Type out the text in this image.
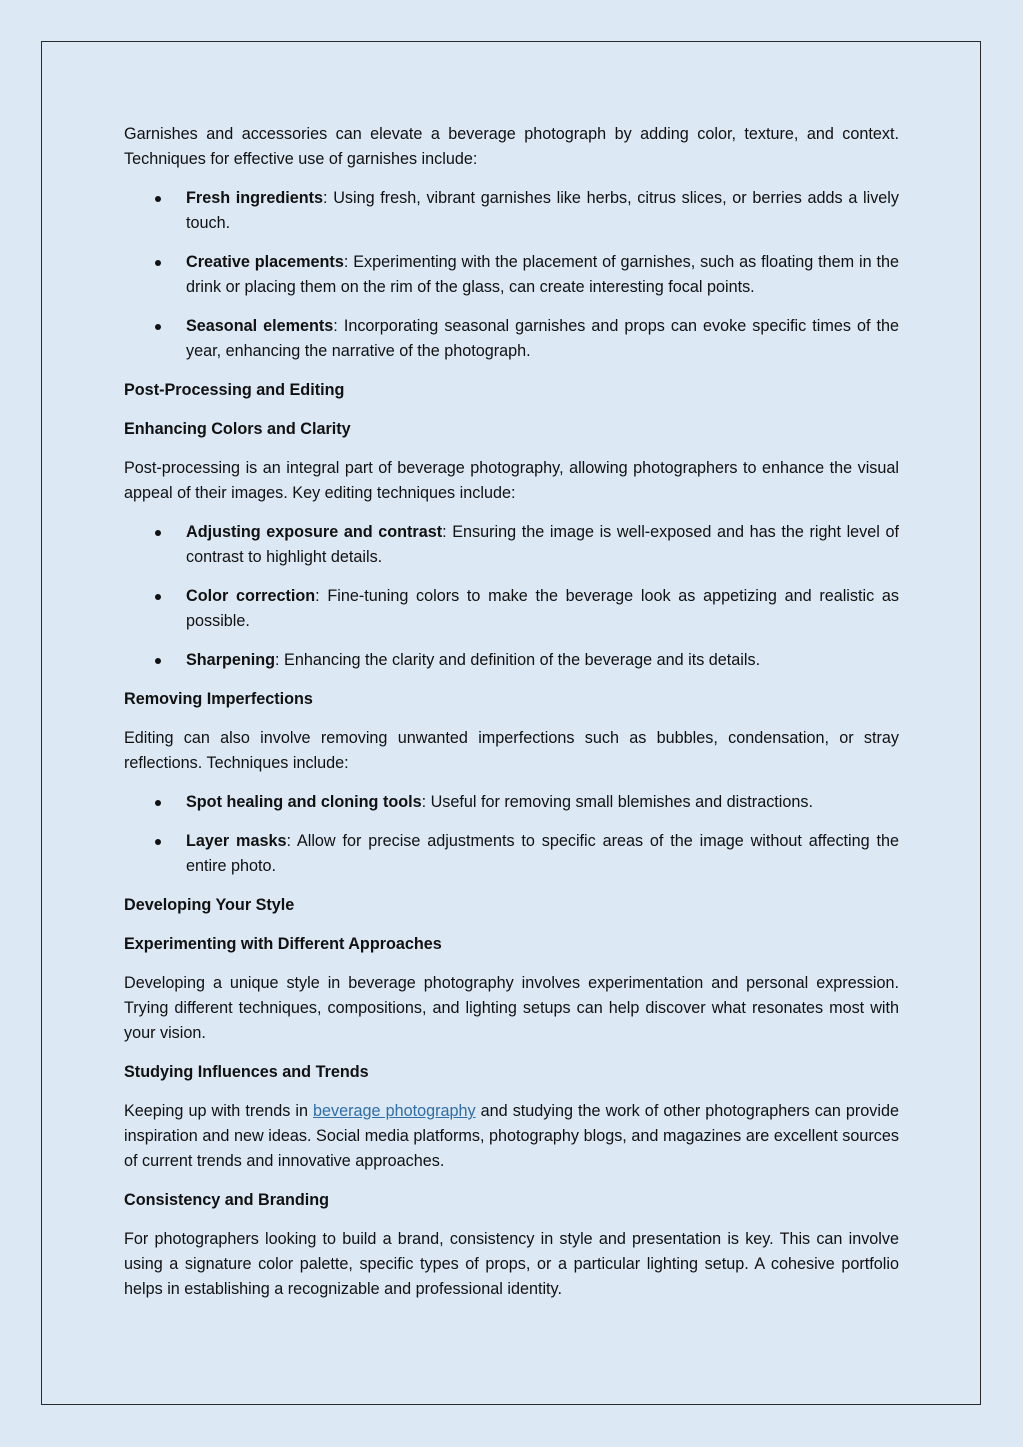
Garnishes and accessories can elevate a beverage photograph by adding color, texture, and context. Techniques for effective use of garnishes include:

Fresh ingredients: Using fresh, vibrant garnishes like herbs, citrus slices, or berries adds a lively touch.
Creative placements: Experimenting with the placement of garnishes, such as floating them in the drink or placing them on the rim of the glass, can create interesting focal points.
Seasonal elements: Incorporating seasonal garnishes and props can evoke specific times of the year, enhancing the narrative of the photograph.
Post-Processing and Editing
Enhancing Colors and Clarity

Post-processing is an integral part of beverage photography, allowing photographers to enhance the visual appeal of their images. Key editing techniques include:

Adjusting exposure and contrast: Ensuring the image is well-exposed and has the right level of contrast to highlight details.
Color correction: Fine-tuning colors to make the beverage look as appetizing and realistic as possible.
Sharpening: Enhancing the clarity and definition of the beverage and its details.
Removing Imperfections

Editing can also involve removing unwanted imperfections such as bubbles, condensation, or stray reflections. Techniques include:

Spot healing and cloning tools: Useful for removing small blemishes and distractions.
Layer masks: Allow for precise adjustments to specific areas of the image without affecting the entire photo.
Developing Your Style
Experimenting with Different Approaches

Developing a unique style in beverage photography involves experimentation and personal expression. Trying different techniques, compositions, and lighting setups can help discover what resonates most with your vision.

Studying Influences and Trends

Keeping up with trends in beverage photography and studying the work of other photographers can provide inspiration and new ideas. Social media platforms, photography blogs, and magazines are excellent sources of current trends and innovative approaches.

Consistency and Branding

For photographers looking to build a brand, consistency in style and presentation is key. This can involve using a signature color palette, specific types of props, or a particular lighting setup. A cohesive portfolio helps in establishing a recognizable and professional identity.
